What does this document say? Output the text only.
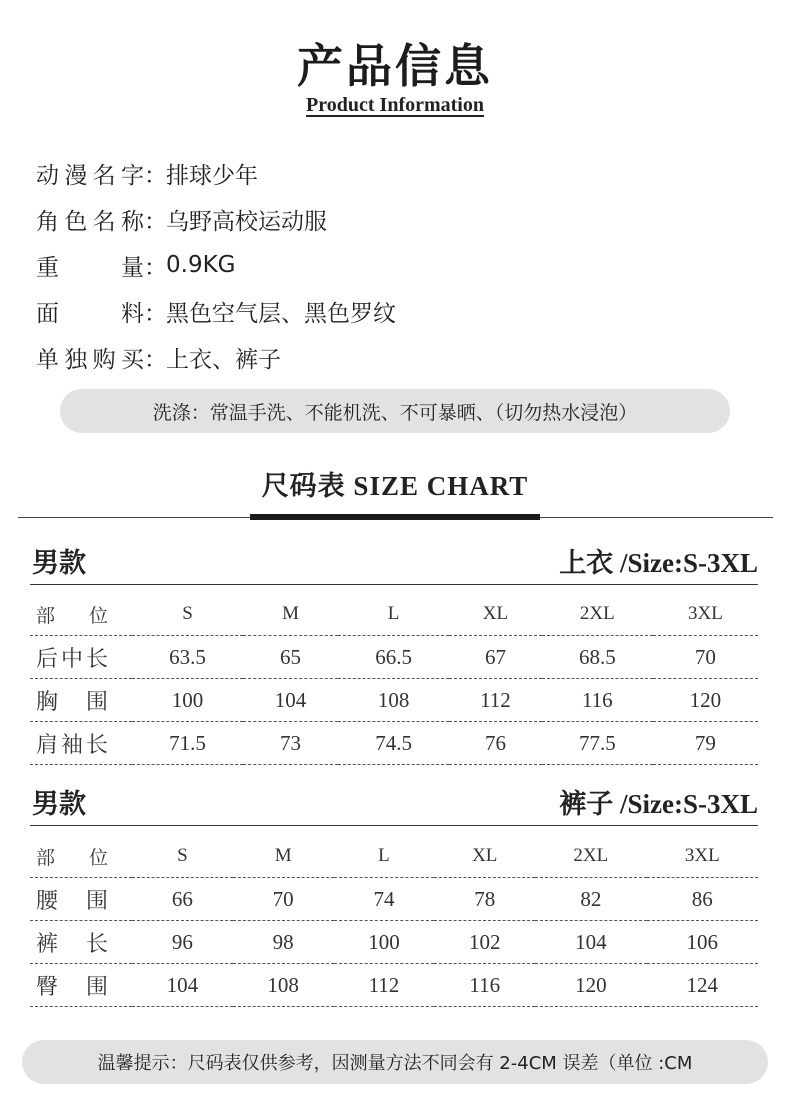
产品信息
Product Information
动漫名字 ： 排球少年
角色名称 ： 乌野高校运动服
重量 ： 0.9KG
面料 ： 黑色空气层、黑色罗纹
单独购买 ： 上衣、裤子
洗涤：常温手洗、不能机洗、不可暴晒、（切勿热水浸泡）
尺码表 SIZE CHART
男款	上衣 /Size:S-3XL
部位	S	M	L	XL	2XL	3XL
后中长	63.5	65	66.5	67	68.5	70
胸围	100	104	108	112	116	120
肩袖长	71.5	73	74.5	76	77.5	79
男款	裤子 /Size:S-3XL
部位	S	M	L	XL	2XL	3XL
腰围	66	70	74	78	82	86
裤长	96	98	100	102	104	106
臀围	104	108	112	116	120	124
温馨提示：尺码表仅供参考，因测量方法不同会有 2-4CM 误差（单位 :CM
